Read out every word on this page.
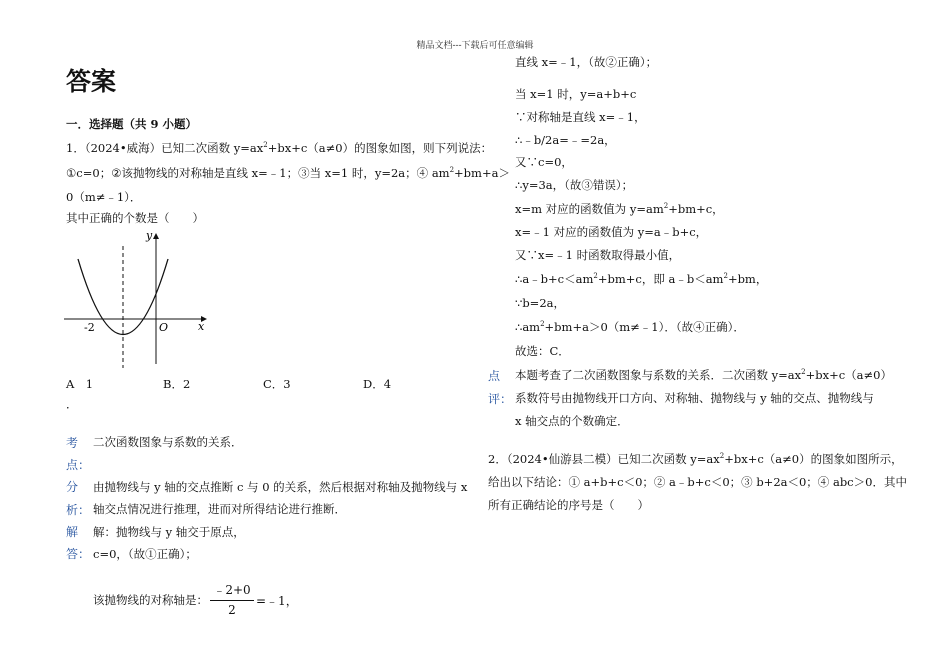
精品文档---下载后可任意编辑
答案
一．选择题（共 9 小题）
1．（2024•威海）已知二次函数 $y=ax^2+bx+c(a\ne 0)$的图象如图，则下列说法：
①c=0；②该抛物线的对称轴是直线 x=﹣1；③当 x=1 时，y=2a；④ $am^2+bm+a>$
0（m≠﹣1）．
其中正确的个数是（　　）
y
x
O
-2
A　1	B．2	C．3	D．4
．
考
点：
二次函数图象与系数的关系．
分
析：
由抛物线与 y 轴的交点推断 c 与 0 的关系，然后根据对称轴及抛物线与 x
轴交点情况进行推理，进而对所得结论进行推断．
解
答：
解：抛物线与 y 轴交于原点，
c=0，（故①正确）；
该抛物线的对称轴是： $\frac{﹣2+0}{2}$ =﹣1，
直线 x=﹣1，（故②正确）；
当 x=1 时，y=a+b+c
∵对称轴是直线 x=﹣1，
∴﹣b/2a=﹣=2a，
又∵c=0，
∴y=3a，（故③错误）；
x=m 对应的函数值为 $y=am^2+bm+c$，
x=﹣1 对应的函数值为 y=a﹣b+c，
又∵x=﹣1 时函数取得最小值，
$\therefore a﹣b+c<am^2+bm+c$，即 $a﹣b<am^2+bm$，
∵b=2a，
$\therefore am^2+bm+a>0(m\ne﹣1)$．（故④正确）．
故选：C．
点
评：
本题考查了二次函数图象与系数的关系．二次函数 $y=ax^2+bx+c(a\ne 0)$
系数符号由抛物线开口方向、对称轴、抛物线与 y 轴的交点、抛物线与
x 轴交点的个数确定．
2．（2024•仙游县二模）已知二次函数 $y=ax^2+bx+c(a\ne 0)$的图象如图所示，
给出以下结论：① a+b+c＜0；② a﹣b+c＜0；③ b+2a＜0；④ abc＞0．其中
所有正确结论的序号是（　　）
